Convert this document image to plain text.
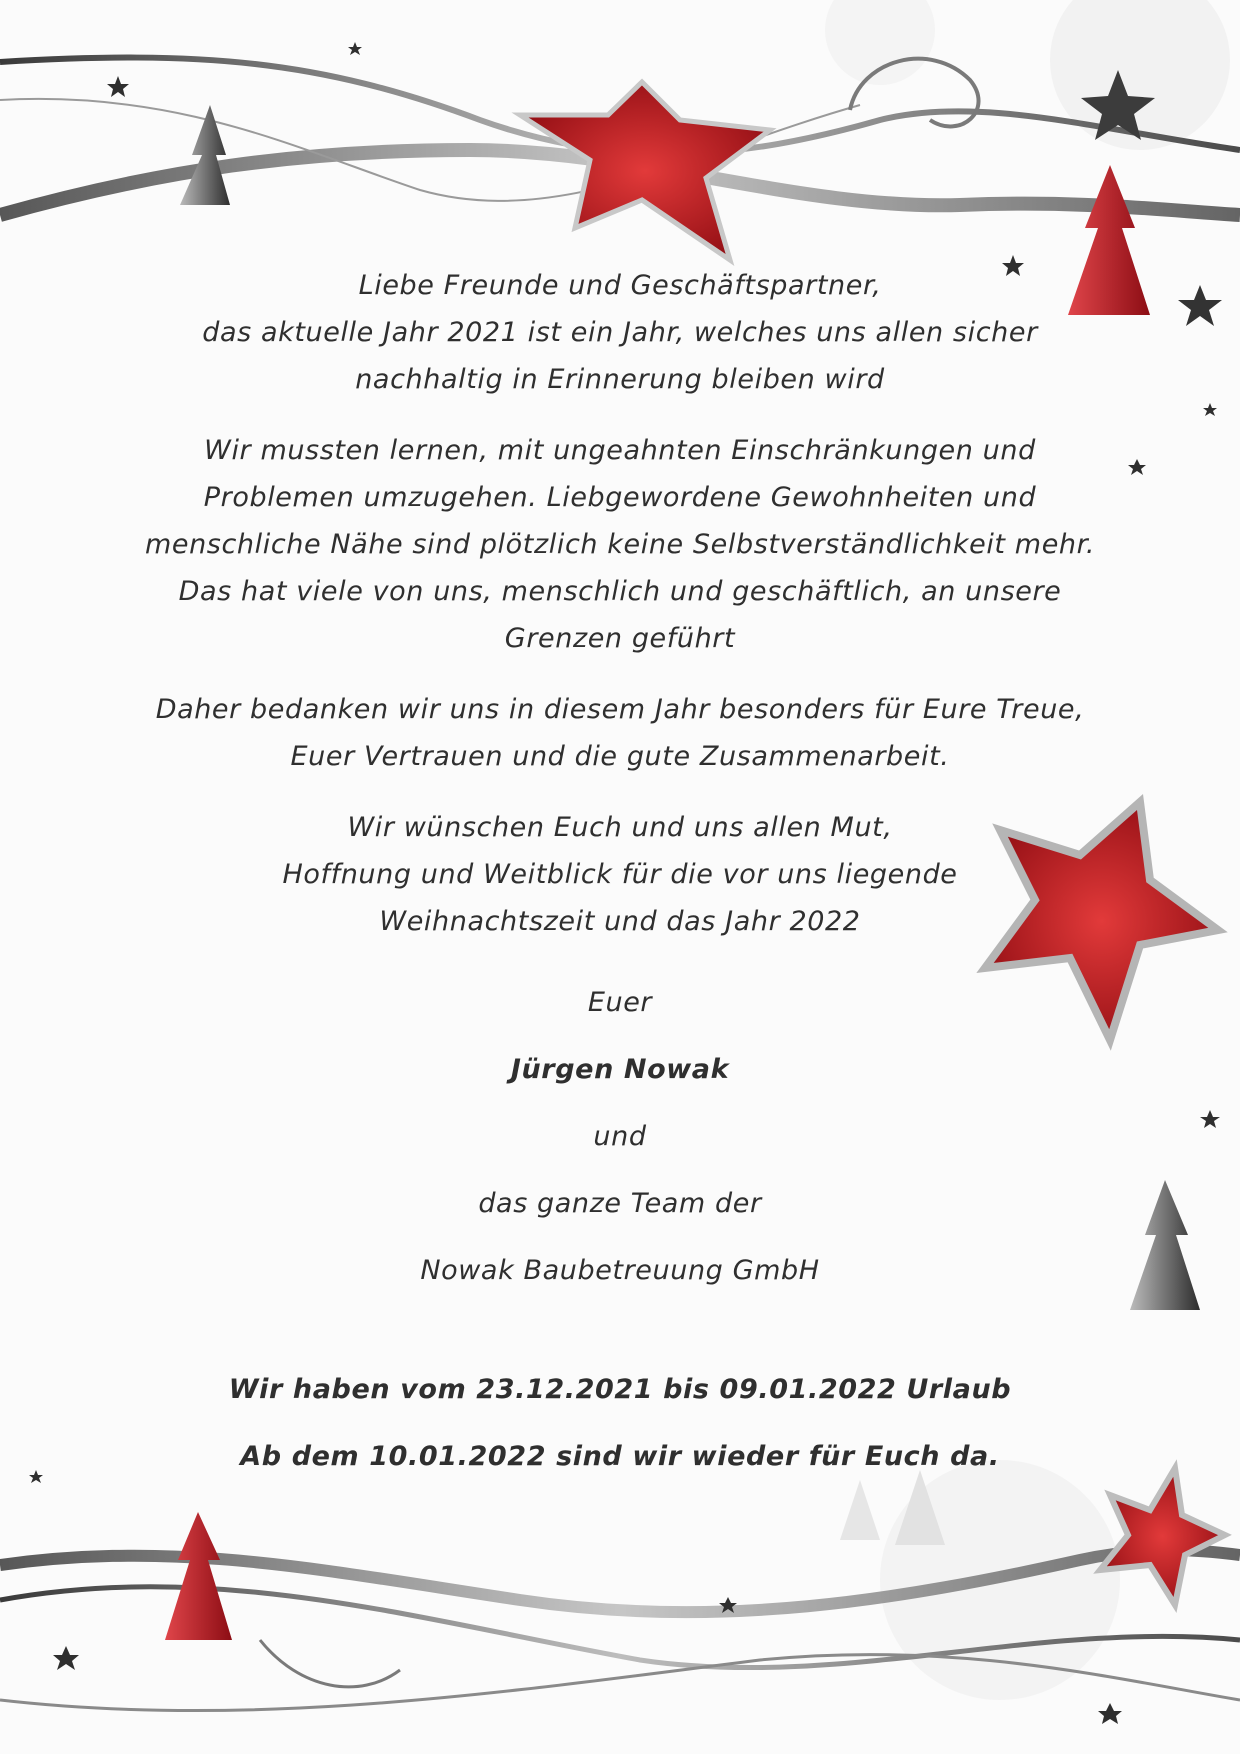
Liebe Freunde und Geschäftspartner,
das aktuelle Jahr 2021 ist ein Jahr, welches uns allen sicher
nachhaltig in Erinnerung bleiben wird
Wir mussten lernen, mit ungeahnten Einschränkungen und
Problemen umzugehen. Liebgewordene Gewohnheiten und
menschliche Nähe sind plötzlich keine Selbstverständlichkeit mehr.
Das hat viele von uns, menschlich und geschäftlich, an unsere
Grenzen geführt
Daher bedanken wir uns in diesem Jahr besonders für Eure Treue,
Euer Vertrauen und die gute Zusammenarbeit.
Wir wünschen Euch und uns allen Mut,
Hoffnung und Weitblick für die vor uns liegende
Weihnachtszeit und das Jahr 2022

Euer

Jürgen Nowak

und

das ganze Team der

Nowak Baubetreuung GmbH

Wir haben vom 23.12.2021 bis 09.01.2022 Urlaub
Ab dem 10.01.2022 sind wir wieder für Euch da.
